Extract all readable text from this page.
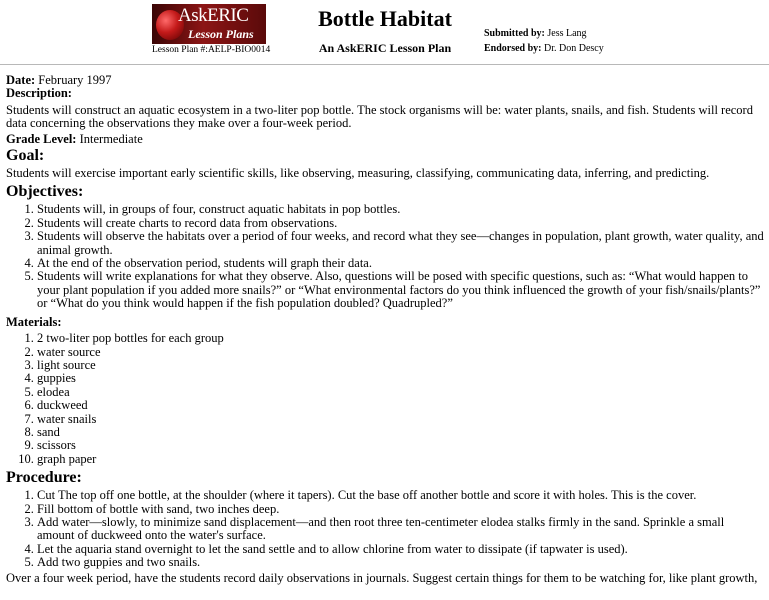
AskERIC
Lesson Plans
Lesson Plan #:AELP-BIO0014
Bottle Habitat
An AskERIC Lesson Plan
Submitted by: Jess Lang
Endorsed by: Dr. Don Descy

Date: February 1997

Description:

Students will construct an aquatic ecosystem in a two-liter pop bottle. The stock organisms will be: water plants, snails, and fish. Students will record data concerning the observations they make over a four-week period.

Grade Level: Intermediate

Goal:

Students will exercise important early scientific skills, like observing, measuring, classifying, communicating data, inferring, and predicting.

Objectives:

1. Students will, in groups of four, construct aquatic habitats in pop bottles.
2. Students will create charts to record data from observations.
3. Students will observe the habitats over a period of four weeks, and record what they see—changes in population, plant growth, water quality, and animal growth.
4. At the end of the observation period, students will graph their data.
5. Students will write explanations for what they observe. Also, questions will be posed with specific questions, such as: “What would happen to your plant population if you added more snails?” or “What environmental factors do you think influenced the growth of your fish/snails/plants?” or “What do you think would happen if the fish population doubled? Quadrupled?”

Materials:

1. 2 two-liter pop bottles for each group
2. water source
3. light source
4. guppies
5. elodea
6. duckweed
7. water snails
8. sand
9. scissors
10. graph paper

Procedure:

1. Cut The top off one bottle, at the shoulder (where it tapers). Cut the base off another bottle and score it with holes. This is the cover.
2. Fill bottom of bottle with sand, two inches deep.
3. Add water—slowly, to minimize sand displacement—and then root three ten-centimeter elodea stalks firmly in the sand. Sprinkle a small amount of duckweed onto the water's surface.
4. Let the aquaria stand overnight to let the sand settle and to allow chlorine from water to dissipate (if tapwater is used).
5. Add two guppies and two snails.

Over a four week period, have the students record daily observations in journals. Suggest certain things for them to be watching for, like plant growth,
